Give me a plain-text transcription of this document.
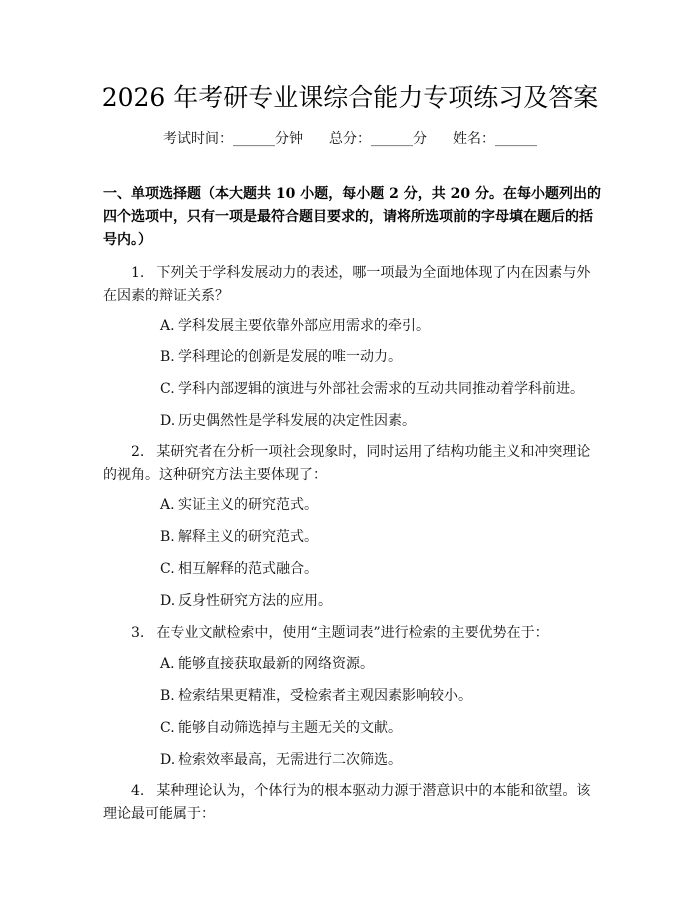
2026 年考研专业课综合能力专项练习及答案
考试时间：______分钟 总分：______分 姓名：______
一、单项选择题（本大题共 10 小题，每小题 2 分，共 20 分。在每小题列出的四个选项中，只有一项是最符合题目要求的，请将所选项前的字母填在题后的括号内。）
1. 下列关于学科发展动力的表述，哪一项最为全面地体现了内在因素与外在因素的辩证关系？
A. 学科发展主要依靠外部应用需求的牵引。
B. 学科理论的创新是发展的唯一动力。
C. 学科内部逻辑的演进与外部社会需求的互动共同推动着学科前进。
D. 历史偶然性是学科发展的决定性因素。
2. 某研究者在分析一项社会现象时，同时运用了结构功能主义和冲突理论的视角。这种研究方法主要体现了：
A. 实证主义的研究范式。
B. 解释主义的研究范式。
C. 相互解释的范式融合。
D. 反身性研究方法的应用。
3. 在专业文献检索中，使用“主题词表”进行检索的主要优势在于：
A. 能够直接获取最新的网络资源。
B. 检索结果更精准，受检索者主观因素影响较小。
C. 能够自动筛选掉与主题无关的文献。
D. 检索效率最高，无需进行二次筛选。
4. 某种理论认为，个体行为的根本驱动力源于潜意识中的本能和欲望。该理论最可能属于：
